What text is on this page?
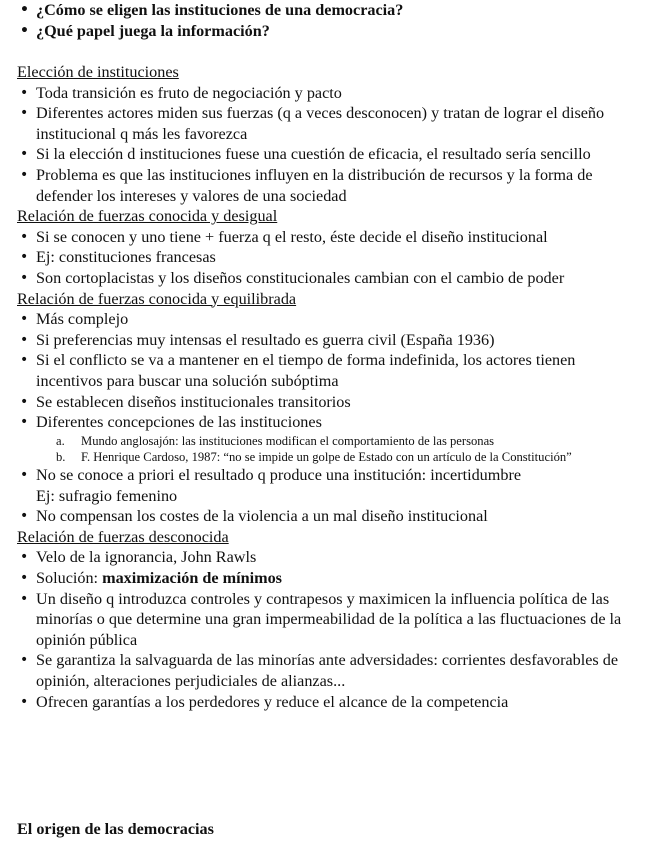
• ¿Cómo se eligen las instituciones de una democracia?
• ¿Qué papel juega la información?
Elección de instituciones
• Toda transición es fruto de negociación y pacto
• Diferentes actores miden sus fuerzas (q a veces desconocen) y tratan de lograr el diseño institucional q más les favorezca
• Si la elección d instituciones fuese una cuestión de eficacia, el resultado sería sencillo
• Problema es que las instituciones influyen en la distribución de recursos y la forma de defender los intereses y valores de una sociedad
Relación de fuerzas conocida y desigual
• Si se conocen y uno tiene + fuerza q el resto, éste decide el diseño institucional
• Ej: constituciones francesas
• Son cortoplacistas y los diseños constitucionales cambian con el cambio de poder
Relación de fuerzas conocida y equilibrada
• Más complejo
• Si preferencias muy intensas el resultado es guerra civil (España 1936)
• Si el conflicto se va a mantener en el tiempo de forma indefinida, los actores tienen incentivos para buscar una solución subóptima
• Se establecen diseños institucionales transitorios
• Diferentes concepciones de las instituciones
a. Mundo anglosajón: las instituciones modifican el comportamiento de las personas
b. F. Henrique Cardoso, 1987: “no se impide un golpe de Estado con un artículo de la Constitución”
• No se conoce a priori el resultado q produce una institución: incertidumbre
Ej: sufragio femenino
• No compensan los costes de la violencia a un mal diseño institucional
Relación de fuerzas desconocida
• Velo de la ignorancia, John Rawls
• Solución: maximización de mínimos
• Un diseño q introduzca controles y contrapesos y maximicen la influencia política de las minorías o que determine una gran impermeabilidad de la política a las fluctuaciones de la opinión pública
• Se garantiza la salvaguarda de las minorías ante adversidades: corrientes desfavorables de opinión, alteraciones perjudiciales de alianzas...
• Ofrecen garantías a los perdedores y reduce el alcance de la competencia
El origen de las democracias
